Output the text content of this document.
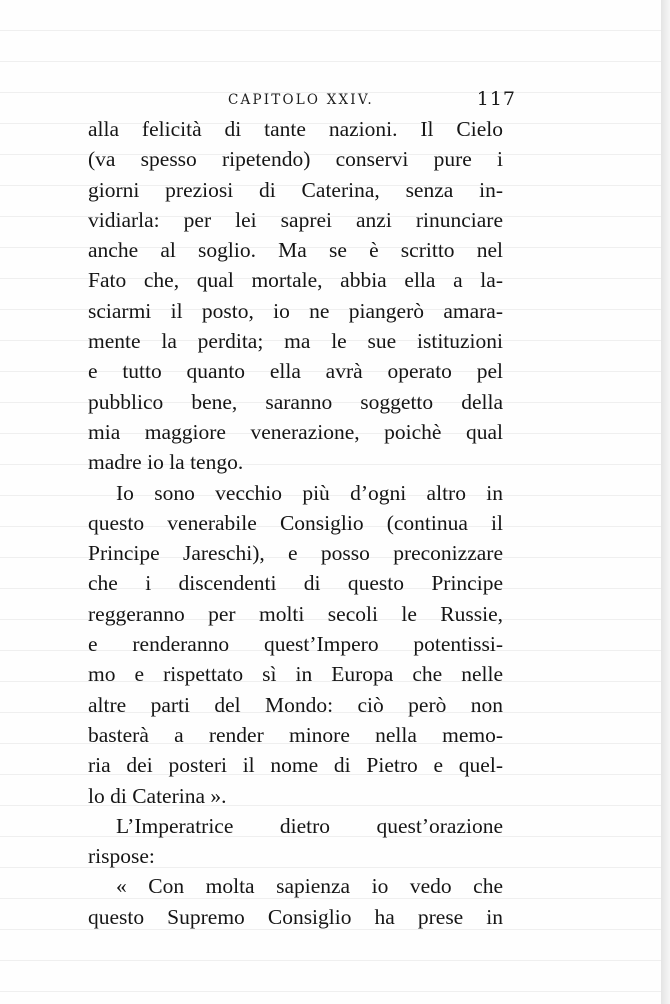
CAPITOLO XXIV.	117
alla felicità di tante nazioni. Il Cielo
(va spesso ripetendo) conservi pure i
giorni preziosi di Caterina, senza in-
vidiarla: per lei saprei anzi rinunciare
anche al soglio. Ma se è scritto nel
Fato che, qual mortale, abbia ella a la-
sciarmi il posto, io ne piangerò amara-
mente la perdita; ma le sue istituzioni
e tutto quanto ella avrà operato pel
pubblico bene, saranno soggetto della
mia maggiore venerazione, poichè qual
madre io la tengo.
Io sono vecchio più d’ogni altro in
questo venerabile Consiglio (continua il
Principe Jareschi), e posso preconizzare
che i discendenti di questo Principe
reggeranno per molti secoli le Russie,
e renderanno quest’Impero potentissi-
mo e rispettato sì in Europa che nelle
altre parti del Mondo: ciò però non
basterà a render minore nella memo-
ria dei posteri il nome di Pietro e quel-
lo di Caterina ».
L’Imperatrice dietro quest’orazione
rispose:
« Con molta sapienza io vedo che
questo Supremo Consiglio ha prese in
